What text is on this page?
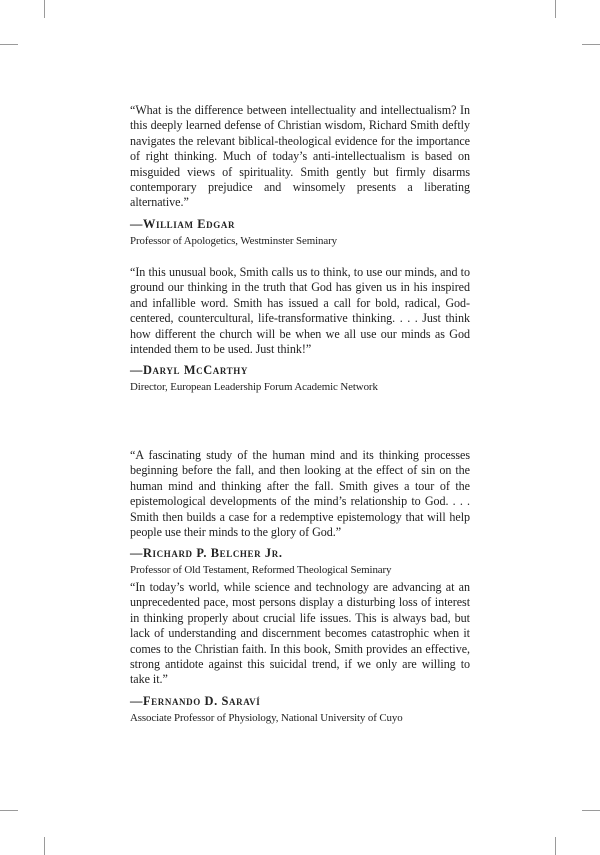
“What is the difference between intellectuality and intellectualism? In this deeply learned defense of Christian wisdom, Richard Smith deftly navigates the relevant biblical-theological evidence for the importance of right thinking. Much of today’s anti-intellectualism is based on misguided views of spirituality. Smith gently but firmly disarms contemporary prejudice and winsomely presents a liberating alternative.”

—William Edgar

Professor of Apologetics, Westminster Seminary

“In this unusual book, Smith calls us to think, to use our minds, and to ground our thinking in the truth that God has given us in his inspired and infallible word. Smith has issued a call for bold, radical, God-centered, countercultural, life-transformative thinking. . . . Just think how different the church will be when we all use our minds as God intended them to be used. Just think!”

—Daryl McCarthy

Director, European Leadership Forum Academic Network

“A fascinating study of the human mind and its thinking processes beginning before the fall, and then looking at the effect of sin on the human mind and thinking after the fall. Smith gives a tour of the epistemological developments of the mind’s relationship to God. . . . Smith then builds a case for a redemptive epistemology that will help people use their minds to the glory of God.”

—Richard P. Belcher Jr.

Professor of Old Testament, Reformed Theological Seminary

“In today’s world, while science and technology are advancing at an unprecedented pace, most persons display a disturbing loss of interest in thinking properly about crucial life issues. This is always bad, but lack of understanding and discernment becomes catastrophic when it comes to the Christian faith. In this book, Smith provides an effective, strong antidote against this suicidal trend, if we only are willing to take it.”

—Fernando D. Saraví

Associate Professor of Physiology, National University of Cuyo
